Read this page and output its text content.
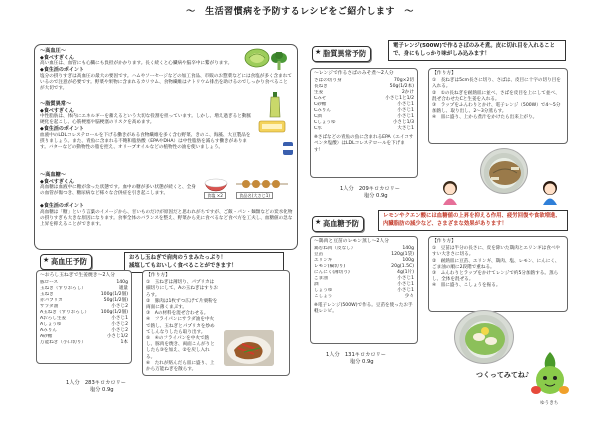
～　生活習慣病を予防するレシピをご紹介します　～
～高血圧～
◆食べすぎくん
高い血圧は、血管にも心臓にも負担がかかります。長く続くと心臓病や脳卒中に繋がります。
◆食生活のポイント
塩分の摂りすぎは高血圧の最大の要因です。ハムやソーセージなどの加工食品、市販のお惣菜などには食塩が多く含まれているので注意が必要です。野菜や果物に含まれるカリウム、食物繊維はナトリウム排出を助けるのでしっかり食べることが大切です。
～脂質異常～
◆食べすぎくん
中性脂肪は、体内にエネルギーを蓄えるという大切な役割を担っています。しかし、増え過ぎると動脈硬化を起こし、心筋梗塞や脳梗塞のリスクを高めます。
◆食生活のポイント
血液中のLDLコレステロールを下げる働きがある食物繊維を多く含む野菜、きのこ、海藻、大豆製品を摂りましょう。また、青魚に含まれる不飽和脂肪酸（EPAやDHA）は中性脂肪を減らす働きがあります。バターなどの動物性の脂を控え、オリーブオイルなどの植物性の油を使いましょう。
～高血糖～
◆食べすぎくん
高血糖は血液中に糖が余った状態です。血中の糖が多い状態が続くと、全身の血管が傷つき、糖尿病など様々な合併症を引き起こします。
◆食生活のポイント
高血糖は「糖」という言葉のイメージから、甘いものだけが原因だと思われがちですが、ご飯・パン・麺類などの炭水化物の摂りすぎも大きな原因になります。食事全体のバランスを整え、野菜から先に食べるなど食べ方を工夫し、血糖値の急な上昇を抑えることができます。
食塩 ×2	食品名(大さじ1)
★ 高血圧予防	おろし玉ねぎで肩肉のうまみたっぷり！
減塩してもおいしく食べることができます！
～おろし玉ねぎで生姜焼き～2人分
豚ロース	140g
玉ねぎ（すりおろし）	適量
玉ねぎ	100g(1/2個)
赤パプリカ	50g(1/2個)
サラダ油	小さじ2
A玉ねぎ（すりおろし）	100g(1/2個)
Aおろし生姜	小さじ1
Aしょうゆ	小さじ2
Aみりん	小さじ2
A砂糖	小さじ1/2
万能ねぎ（小口切り）	1本
【作り方】
①　玉ねぎは薄切り、パプリカは細切りにして、Aの玉ねぎはすりおろす。
②　豚肉は1枚ずつ広げて片栗粉を両面に薄くまぶす。
③　Aの材料を混ぜ合わせる。
④　フライパンにサラダ油を中火で熱し、玉ねぎとパプリカを炒めてしんなりしたら取り出す。
⑤　④のフライパンを中火で熱し、豚肉を焼き、両面こんがりとしたら③を加え、②を戻し入れる。
⑥　たれが絡んだら皿に盛り、上から万能ねぎを散らす。
1人分　283キロカロリー
塩分 0.9g
★ 脂質異常予防
電子レンジ(500W)で作るさばのみそ煮。皮に切れ目を入れることで、身にもしっかり味がしみ込みます！
～レンジで作るさばのみそ煮～2人分
さばの切り身	70g×2切
長ねぎ	50g(1/2本)
生姜	2かけ
Cみそ	小さじ1と1/2
C砂糖	小さじ1
Cみりん	小さじ1
C酒	小さじ1
Cしょうゆ	小さじ1/3
C水	大さじ1
※さばなどの青魚の魚に含まれるEPA（エイコサペンタ塩酸）はLDLコレステロールを下げます！
【作り方】
①　長ねぎは5cm長さに切り、さばは、皮目に十字の切り目を入れる。
②　①の長ねぎを耐熱皿に並べ、さばを皮目を上にして並べ、混ぜ合わせたCと生姜を入れる。
③　ラップをふんわりとかけ、電子レンジ（500W）で4～5分加熱し、取り出し、2～3分蒸らす。
④　皿に盛り、上から煮汁をかけたら出来上がり。
1人分　209キロカロリー
塩分 0.9g
★ 高血糖予防
レモンやクエン酸には血糖値の上昇を抑える作用、疲労回復や食欲増進、内臓脂肪の減少など、さまざまな効果があります！
～鶏肉と豆苗のレモン蒸し～2人分
鶏むね肉（皮なし）	140g
豆苗	120g(1袋)
エリンギ	100g
レモン(輪切り)	20g(1.5C)
にんにく(薄切り)	4g(1片)
ごま油	小さじ1
酒	小さじ1
しょうゆ	小さじ1
こしょう	少々
※電子レンジ(500W)で作る。豆苗を使ったお手軽レシピ。
【作り方】
①　豆苗は半分の長さに、皮を除いた鶏肉とエリンギは食べやすい大きさに切る。
②　耐熱皿に豆苗、エリンギ、鶏肉、塩、レモン、にんにく、ごま油の順に2段階で重ねる。
③　ふんわりとラップをかけてレンジで約5分加熱する。蒸らし、全体を混ぜる。
④　皿に盛り、こしょうを振る。
1人分　131キロカロリー
塩分 0.9g
つくってみてね♪
ゆうきち
